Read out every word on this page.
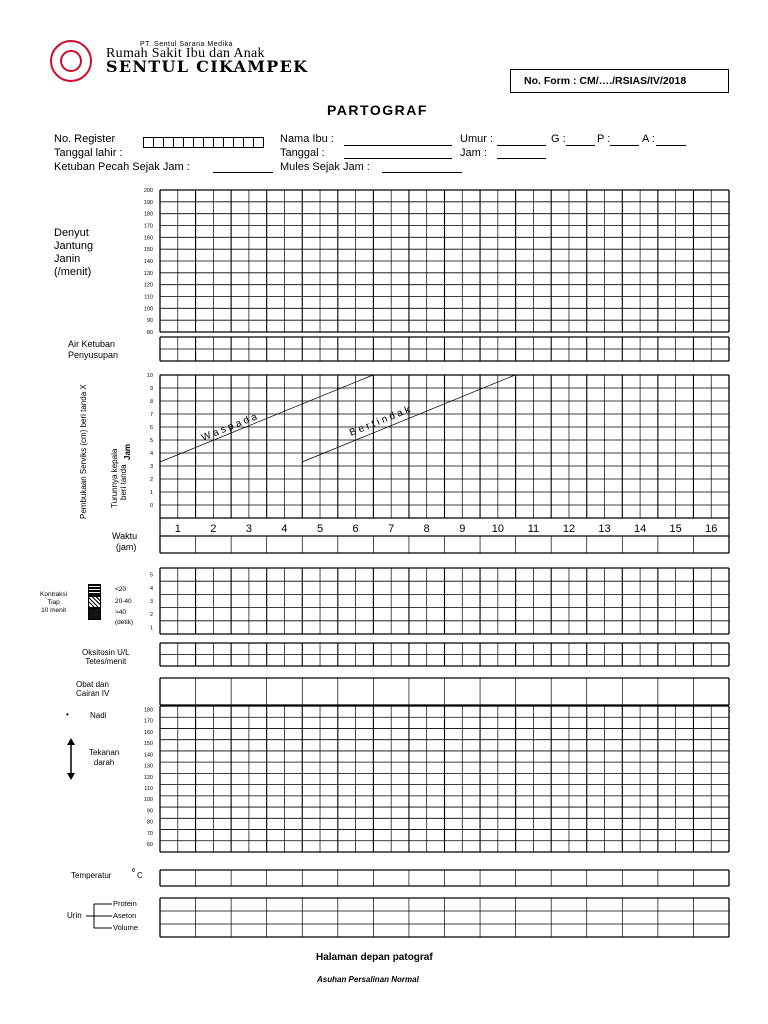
PT. Sentul Sarana Medika
Rumah Sakit Ibu dan Anak
SENTUL CIKAMPEK
No. Form : CM/…./RSIAS/IV/2018
PARTOGRAF
No. Register	Nama Ibu :	Umur :	G :	P :	A :
Tanggal lahir :	Tanggal :	Jam :
Ketuban Pecah Sejak Jam :	Mules Sejak Jam :
Denyut
Jantung
Janin
(/menit)
Air Ketuban
Penyusupan
Pembukaan Serviks (cm) beri tanda X	Turunnya kepala beri tanda
Jam
Waktu
(jam)
Kontraksi
Tiap
10 menit
<20
20-40
>40
(detik)
Oksitosin U/L
Tetes/menit
Obat dan
Cairan IV
•	Nadi
Tekanan
darah
Temperatur	0 C
Urin
Protein
Aseton
Volume
200
190
180
170
160
150
140
130
120
110
100
90
80
10
9
8
7
6
5
4
3
2
1
0
W a s p a d a	B e r t i n d a k
1	2	3	4	5	6	7	8	9 10 11 12 13 14 15 16
5
4
3
2
1
180
170
160
150
140
130
120
110
100
90
80
70
60
Halaman depan patograf
Asuhan Persalinan Normal
